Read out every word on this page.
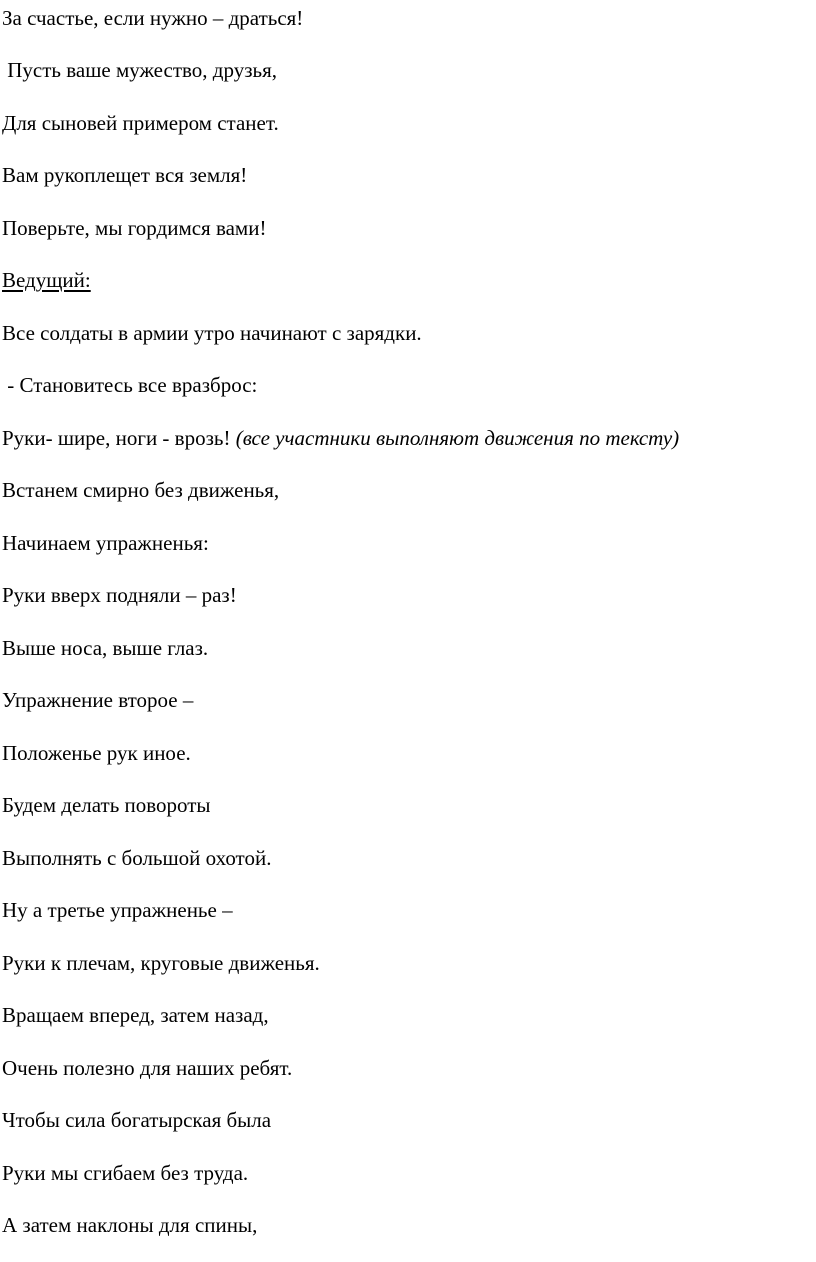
За счастье, если нужно – драться!
Пусть ваше мужество, друзья,
Для сыновей примером станет.
Вам рукоплещет вся земля!
Поверьте, мы гордимся вами!
Ведущий:
Все солдаты в армии утро начинают с зарядки.
- Становитесь все вразброс:
Руки- шире, ноги - врозь! (все участники выполняют движения по тексту)
Встанем смирно без движенья,
Начинаем упражненья:
Руки вверх подняли – раз!
Выше носа, выше глаз.
Упражнение второе –
Положенье рук иное.
Будем делать повороты
Выполнять с большой охотой.
Ну а третье упражненье –
Руки к плечам, круговые движенья.
Вращаем вперед, затем назад,
Очень полезно для наших ребят.
Чтобы сила богатырская была
Руки мы сгибаем без труда.
А затем наклоны для спины,
